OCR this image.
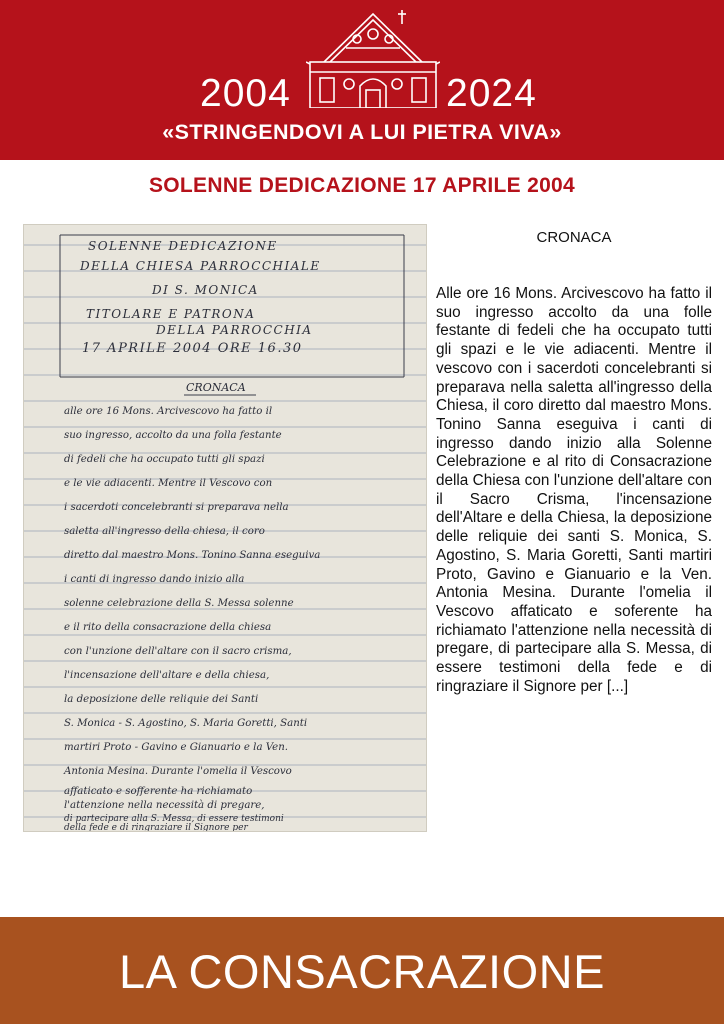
2004	2024
«STRINGENDOVI A LUI PIETRA VIVA»
SOLENNE DEDICAZIONE 17 APRILE 2004
SOLENNE DEDICAZIONE
DELLA CHIESA PARROCCHIALE
DI S. MONICA
TITOLARE E PATRONA
DELLA PARROCCHIA
17 APRILE 2004 ORE 16.30
CRONACA
alle ore 16 Mons. Arcivescovo ha fatto il
suo ingresso, accolto da una folla festante
di fedeli che ha occupato tutti gli spazi
e le vie adiacenti. Mentre il Vescovo con
i sacerdoti concelebranti si preparava nella
saletta all'ingresso della chiesa, il coro
diretto dal maestro Mons. Tonino Sanna eseguiva
i canti di ingresso dando inizio alla
solenne celebrazione della S. Messa solenne
e il rito della consacrazione della chiesa
con l'unzione dell'altare con il sacro crisma,
l'incensazione dell'altare e della chiesa,
la deposizione delle reliquie dei Santi
S. Monica - S. Agostino, S. Maria Goretti, Santi
martiri Proto - Gavino e Gianuario e la Ven.
Antonia Mesina. Durante l'omelia il Vescovo
affaticato e sofferente ha richiamato
l'attenzione nella necessità di pregare,
di partecipare alla S. Messa, di essere testimoni
della fede e di ringraziare il Signore per
CRONACA
Alle ore 16 Mons. Arcivescovo ha fatto il suo ingresso accolto da una folle festante di fedeli che ha occupato tutti gli spazi e le vie adiacenti. Mentre il vescovo con i sacerdoti concelebranti si preparava nella saletta all'ingresso della Chiesa, il coro diretto dal maestro Mons. Tonino Sanna eseguiva i canti di ingresso dando inizio alla Solenne Celebrazione e al rito di Consacrazione della Chiesa con l'unzione dell'altare con il Sacro Crisma, l'incensazione dell'Altare e della Chiesa, la deposizione delle reliquie dei santi S. Monica, S. Agostino, S. Maria Goretti, Santi martiri Proto, Gavino e Gianuario e la Ven. Antonia Mesina. Durante l'omelia il Vescovo affaticato e soferente ha richiamato l'attenzione nella necessità di pregare, di partecipare alla S. Messa, di essere testimoni della fede e di ringraziare il Signore per [...]
LA CONSACRAZIONE
